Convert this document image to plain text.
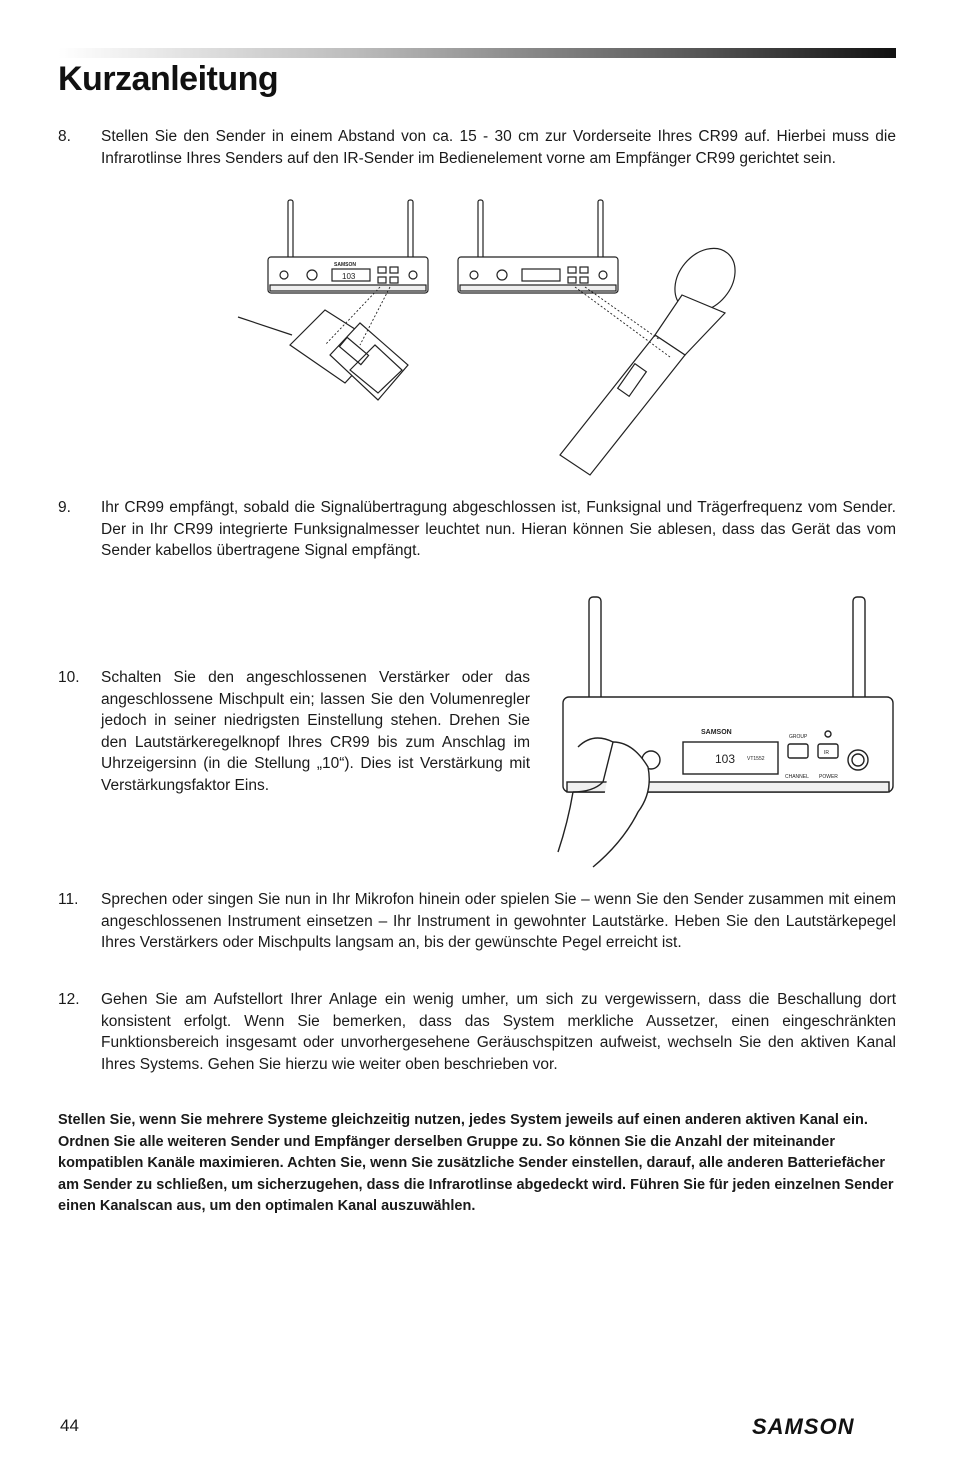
Kurzanleitung
8. Stellen Sie den Sender in einem Abstand von ca. 15 - 30 cm zur Vorderseite Ihres CR99 auf. Hierbei muss die Infrarotlinse Ihres Senders auf den IR-Sender im Bedienelement vorne am Empfänger CR99 gerichtet sein.
103
SAMSON
9. Ihr CR99 empfängt, sobald die Signalübertragung abgeschlossen ist, Funksignal und Trägerfrequenz vom Sender. Der in Ihr CR99 integrierte Funksignalmesser leuchtet nun. Hieran können Sie ablesen, dass das Gerät das vom Sender kabellos übertragene Signal empfängt.
10. Schalten Sie den angeschlossenen Verstärker oder das angeschlossene Mischpult ein; lassen Sie den Volumenregler jedoch in seiner niedrigsten Einstellung stehen. Drehen Sie den Lautstärkeregelknopf Ihres CR99 bis zum Anschlag im Uhrzeigersinn (in die Stellung „10“). Dies ist Verstärkung mit Verstärkungsfaktor Eins.
SAMSON
103 VT1552
GROUP
IR
CHANNEL POWER
11. Sprechen oder singen Sie nun in Ihr Mikrofon hinein oder spielen Sie – wenn Sie den Sender zusammen mit einem angeschlossenen Instrument einsetzen – Ihr Instrument in gewohnter Lautstärke. Heben Sie den Lautstärkepegel Ihres Verstärkers oder Mischpults langsam an, bis der gewünschte Pegel erreicht ist.
12. Gehen Sie am Aufstellort Ihrer Anlage ein wenig umher, um sich zu vergewissern, dass die Beschallung dort konsistent erfolgt. Wenn Sie bemerken, dass das System merkliche Aussetzer, einen eingeschränkten Funktionsbereich insgesamt oder unvorhergesehene Geräuschspitzen aufweist, wechseln Sie den aktiven Kanal Ihres Systems. Gehen Sie hierzu wie weiter oben beschrieben vor.

Stellen Sie, wenn Sie mehrere Systeme gleichzeitig nutzen, jedes System jeweils auf einen anderen aktiven Kanal ein. Ordnen Sie alle weiteren Sender und Empfänger derselben Gruppe zu. So können Sie die Anzahl der miteinander kompatiblen Kanäle maximieren. Achten Sie, wenn Sie zusätzliche Sender einstellen, darauf, alle anderen Batteriefächer am Sender zu schließen, um sicherzugehen, dass die Infrarotlinse abgedeckt wird. Führen Sie für jeden einzelnen Sender einen Kanalscan aus, um den optimalen Kanal auszuwählen.

44	SAMSON
